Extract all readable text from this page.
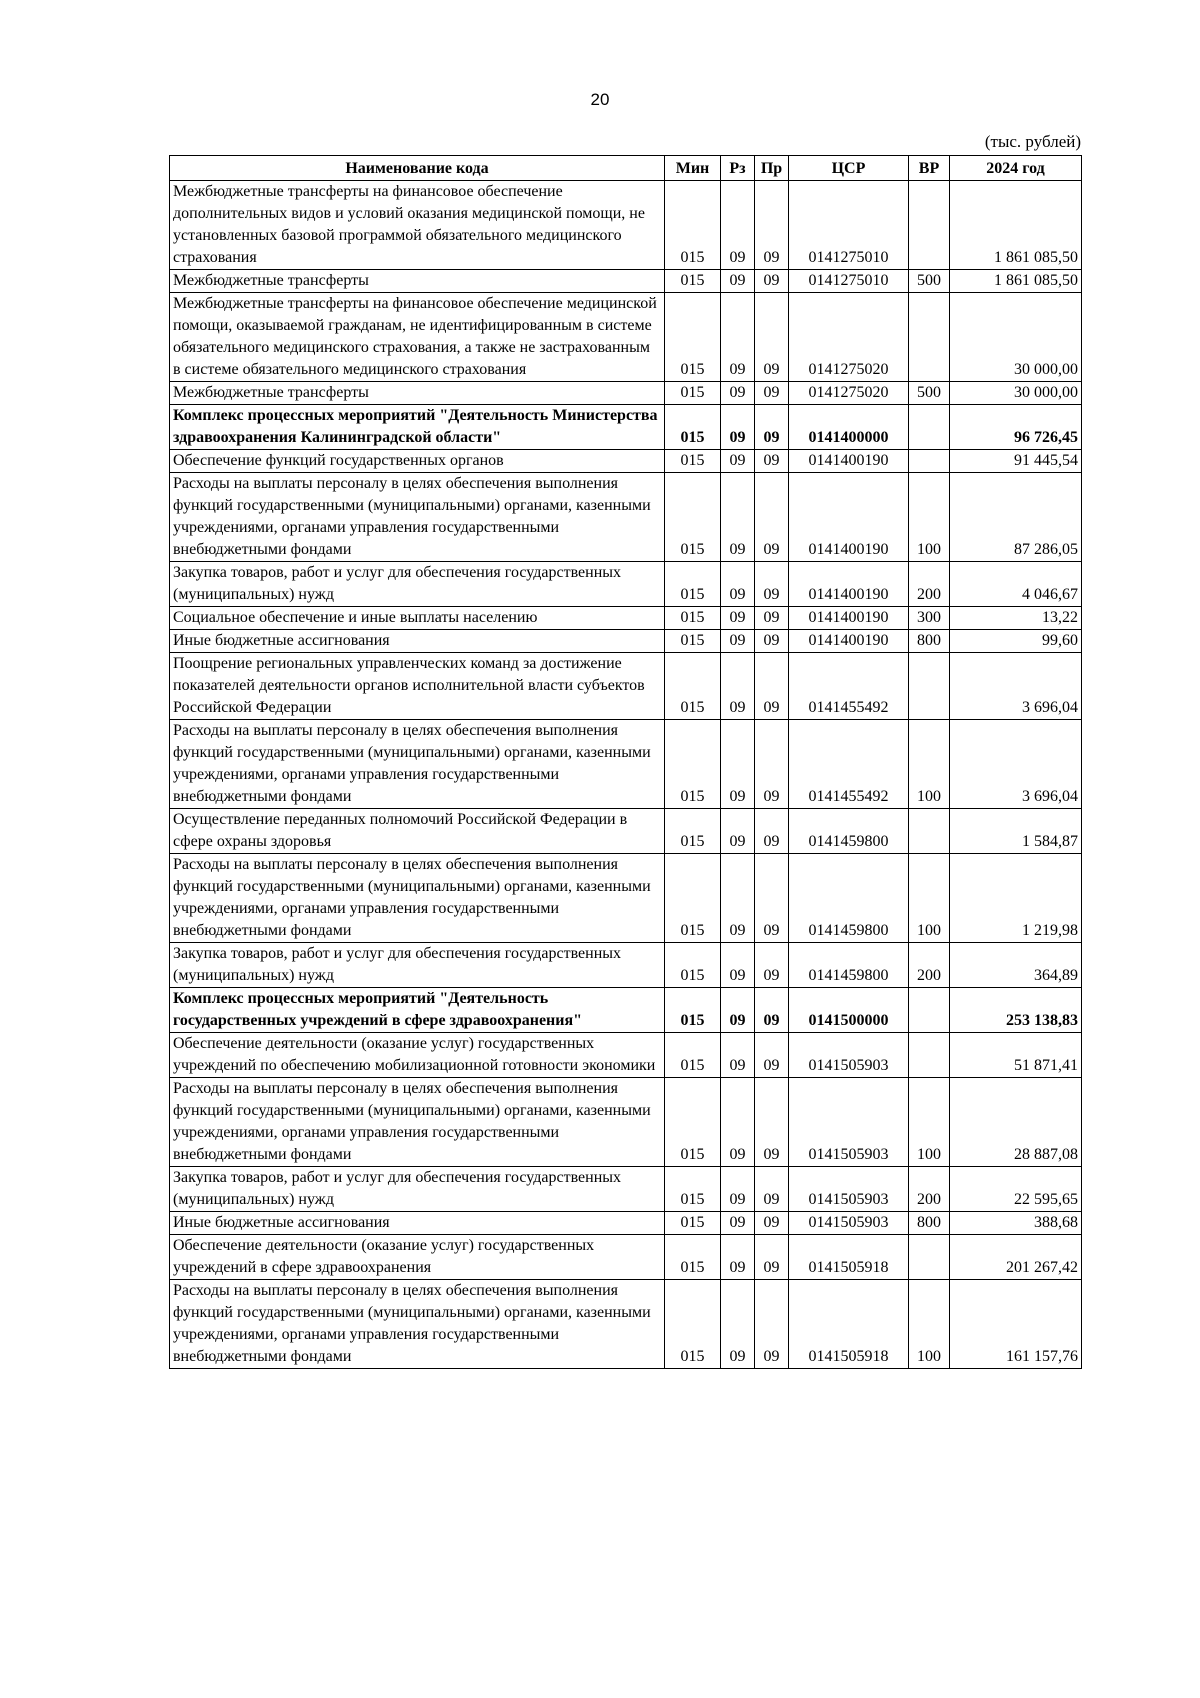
20
(тыс. рублей)
Наименование кода	Мин	Рз	Пр	ЦСР	ВР	2024 год
Межбюджетные трансферты на финансовое обеспечение дополнительных видов и условий оказания медицинской помощи, не установленных базовой программой обязательного медицинского страхования	015	09	09	0141275010		1 861 085,50
Межбюджетные трансферты	015	09	09	0141275010	500	1 861 085,50
Межбюджетные трансферты на финансовое обеспечение медицинской помощи, оказываемой гражданам, не идентифицированным в системе обязательного медицинского страхования, а также не застрахованным в системе обязательного медицинского страхования	015	09	09	0141275020		30 000,00
Межбюджетные трансферты	015	09	09	0141275020	500	30 000,00
Комплекс процессных мероприятий "Деятельность Министерства здравоохранения Калининградской области"	015	09	09	0141400000		96 726,45
Обеспечение функций государственных органов	015	09	09	0141400190		91 445,54
Расходы на выплаты персоналу в целях обеспечения выполнения функций государственными (муниципальными) органами, казенными учреждениями, органами управления государственными внебюджетными фондами	015	09	09	0141400190	100	87 286,05
Закупка товаров, работ и услуг для обеспечения государственных (муниципальных) нужд	015	09	09	0141400190	200	4 046,67
Социальное обеспечение и иные выплаты населению	015	09	09	0141400190	300	13,22
Иные бюджетные ассигнования	015	09	09	0141400190	800	99,60
Поощрение региональных управленческих команд за достижение показателей деятельности органов исполнительной власти субъектов Российской Федерации	015	09	09	0141455492		3 696,04
Расходы на выплаты персоналу в целях обеспечения выполнения функций государственными (муниципальными) органами, казенными учреждениями, органами управления государственными внебюджетными фондами	015	09	09	0141455492	100	3 696,04
Осуществление переданных полномочий Российской Федерации в сфере охраны здоровья	015	09	09	0141459800		1 584,87
Расходы на выплаты персоналу в целях обеспечения выполнения функций государственными (муниципальными) органами, казенными учреждениями, органами управления государственными внебюджетными фондами	015	09	09	0141459800	100	1 219,98
Закупка товаров, работ и услуг для обеспечения государственных (муниципальных) нужд	015	09	09	0141459800	200	364,89
Комплекс процессных мероприятий "Деятельность государственных учреждений в сфере здравоохранения"	015	09	09	0141500000		253 138,83
Обеспечение деятельности (оказание услуг) государственных учреждений по обеспечению мобилизационной готовности экономики	015	09	09	0141505903		51 871,41
Расходы на выплаты персоналу в целях обеспечения выполнения функций государственными (муниципальными) органами, казенными учреждениями, органами управления государственными внебюджетными фондами	015	09	09	0141505903	100	28 887,08
Закупка товаров, работ и услуг для обеспечения государственных (муниципальных) нужд	015	09	09	0141505903	200	22 595,65
Иные бюджетные ассигнования	015	09	09	0141505903	800	388,68
Обеспечение деятельности (оказание услуг) государственных учреждений в сфере здравоохранения	015	09	09	0141505918		201 267,42
Расходы на выплаты персоналу в целях обеспечения выполнения функций государственными (муниципальными) органами, казенными учреждениями, органами управления государственными внебюджетными фондами	015	09	09	0141505918	100	161 157,76
